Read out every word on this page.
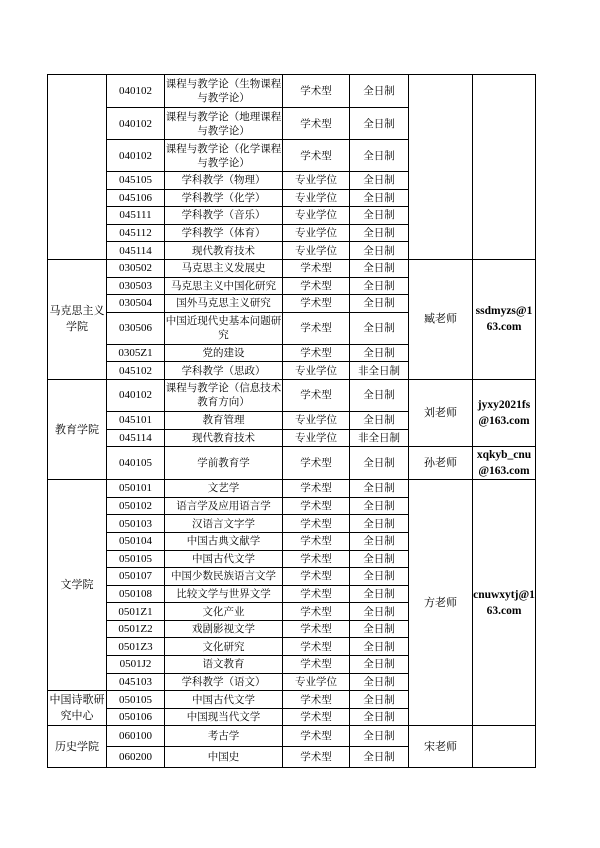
	040102	课程与教学论（生物课程与教学论）	学术型	全日制		
	040102	课程与教学论（地理课程与教学论）	学术型	全日制		
	040102	课程与教学论（化学课程与教学论）	学术型	全日制		
	045105	学科教学（物理）	专业学位	全日制		
	045106	学科教学（化学）	专业学位	全日制		
	045111	学科教学（音乐）	专业学位	全日制		
	045112	学科教学（体育）	专业学位	全日制		
	045114	现代教育技术	专业学位	全日制		
马克思主义学院	030502	马克思主义发展史	学术型	全日制	臧老师	ssdmyzs@163.com
	030503	马克思主义中国化研究	学术型	全日制		
	030504	国外马克思主义研究	学术型	全日制		
	030506	中国近现代史基本问题研究	学术型	全日制		
	0305Z1	党的建设	学术型	全日制		
	045102	学科教学（思政）	专业学位	非全日制		
教育学院	040102	课程与教学论（信息技术教育方向）	学术型	全日制	刘老师	jyxy2021fs@163.com
	045101	教育管理	专业学位	全日制		
	045114	现代教育技术	专业学位	非全日制		
	040105	学前教育学	学术型	全日制	孙老师	xqkyb_cnu@163.com
文学院	050101	文艺学	学术型	全日制	方老师	cnuwxytj@163.com
	050102	语言学及应用语言学	学术型	全日制		
	050103	汉语言文字学	学术型	全日制		
	050104	中国古典文献学	学术型	全日制		
	050105	中国古代文学	学术型	全日制		
	050107	中国少数民族语言文学	学术型	全日制		
	050108	比较文学与世界文学	学术型	全日制		
	0501Z1	文化产业	学术型	全日制		
	0501Z2	戏剧影视文学	学术型	全日制		
	0501Z3	文化研究	学术型	全日制		
	0501J2	语文教育	学术型	全日制		
	045103	学科教学（语文）	专业学位	全日制		
中国诗歌研究中心	050105	中国古代文学	学术型	全日制		
	050106	中国现当代文学	学术型	全日制		
历史学院	060100	考古学	学术型	全日制	宋老师	
	060200	中国史	学术型	全日制		
